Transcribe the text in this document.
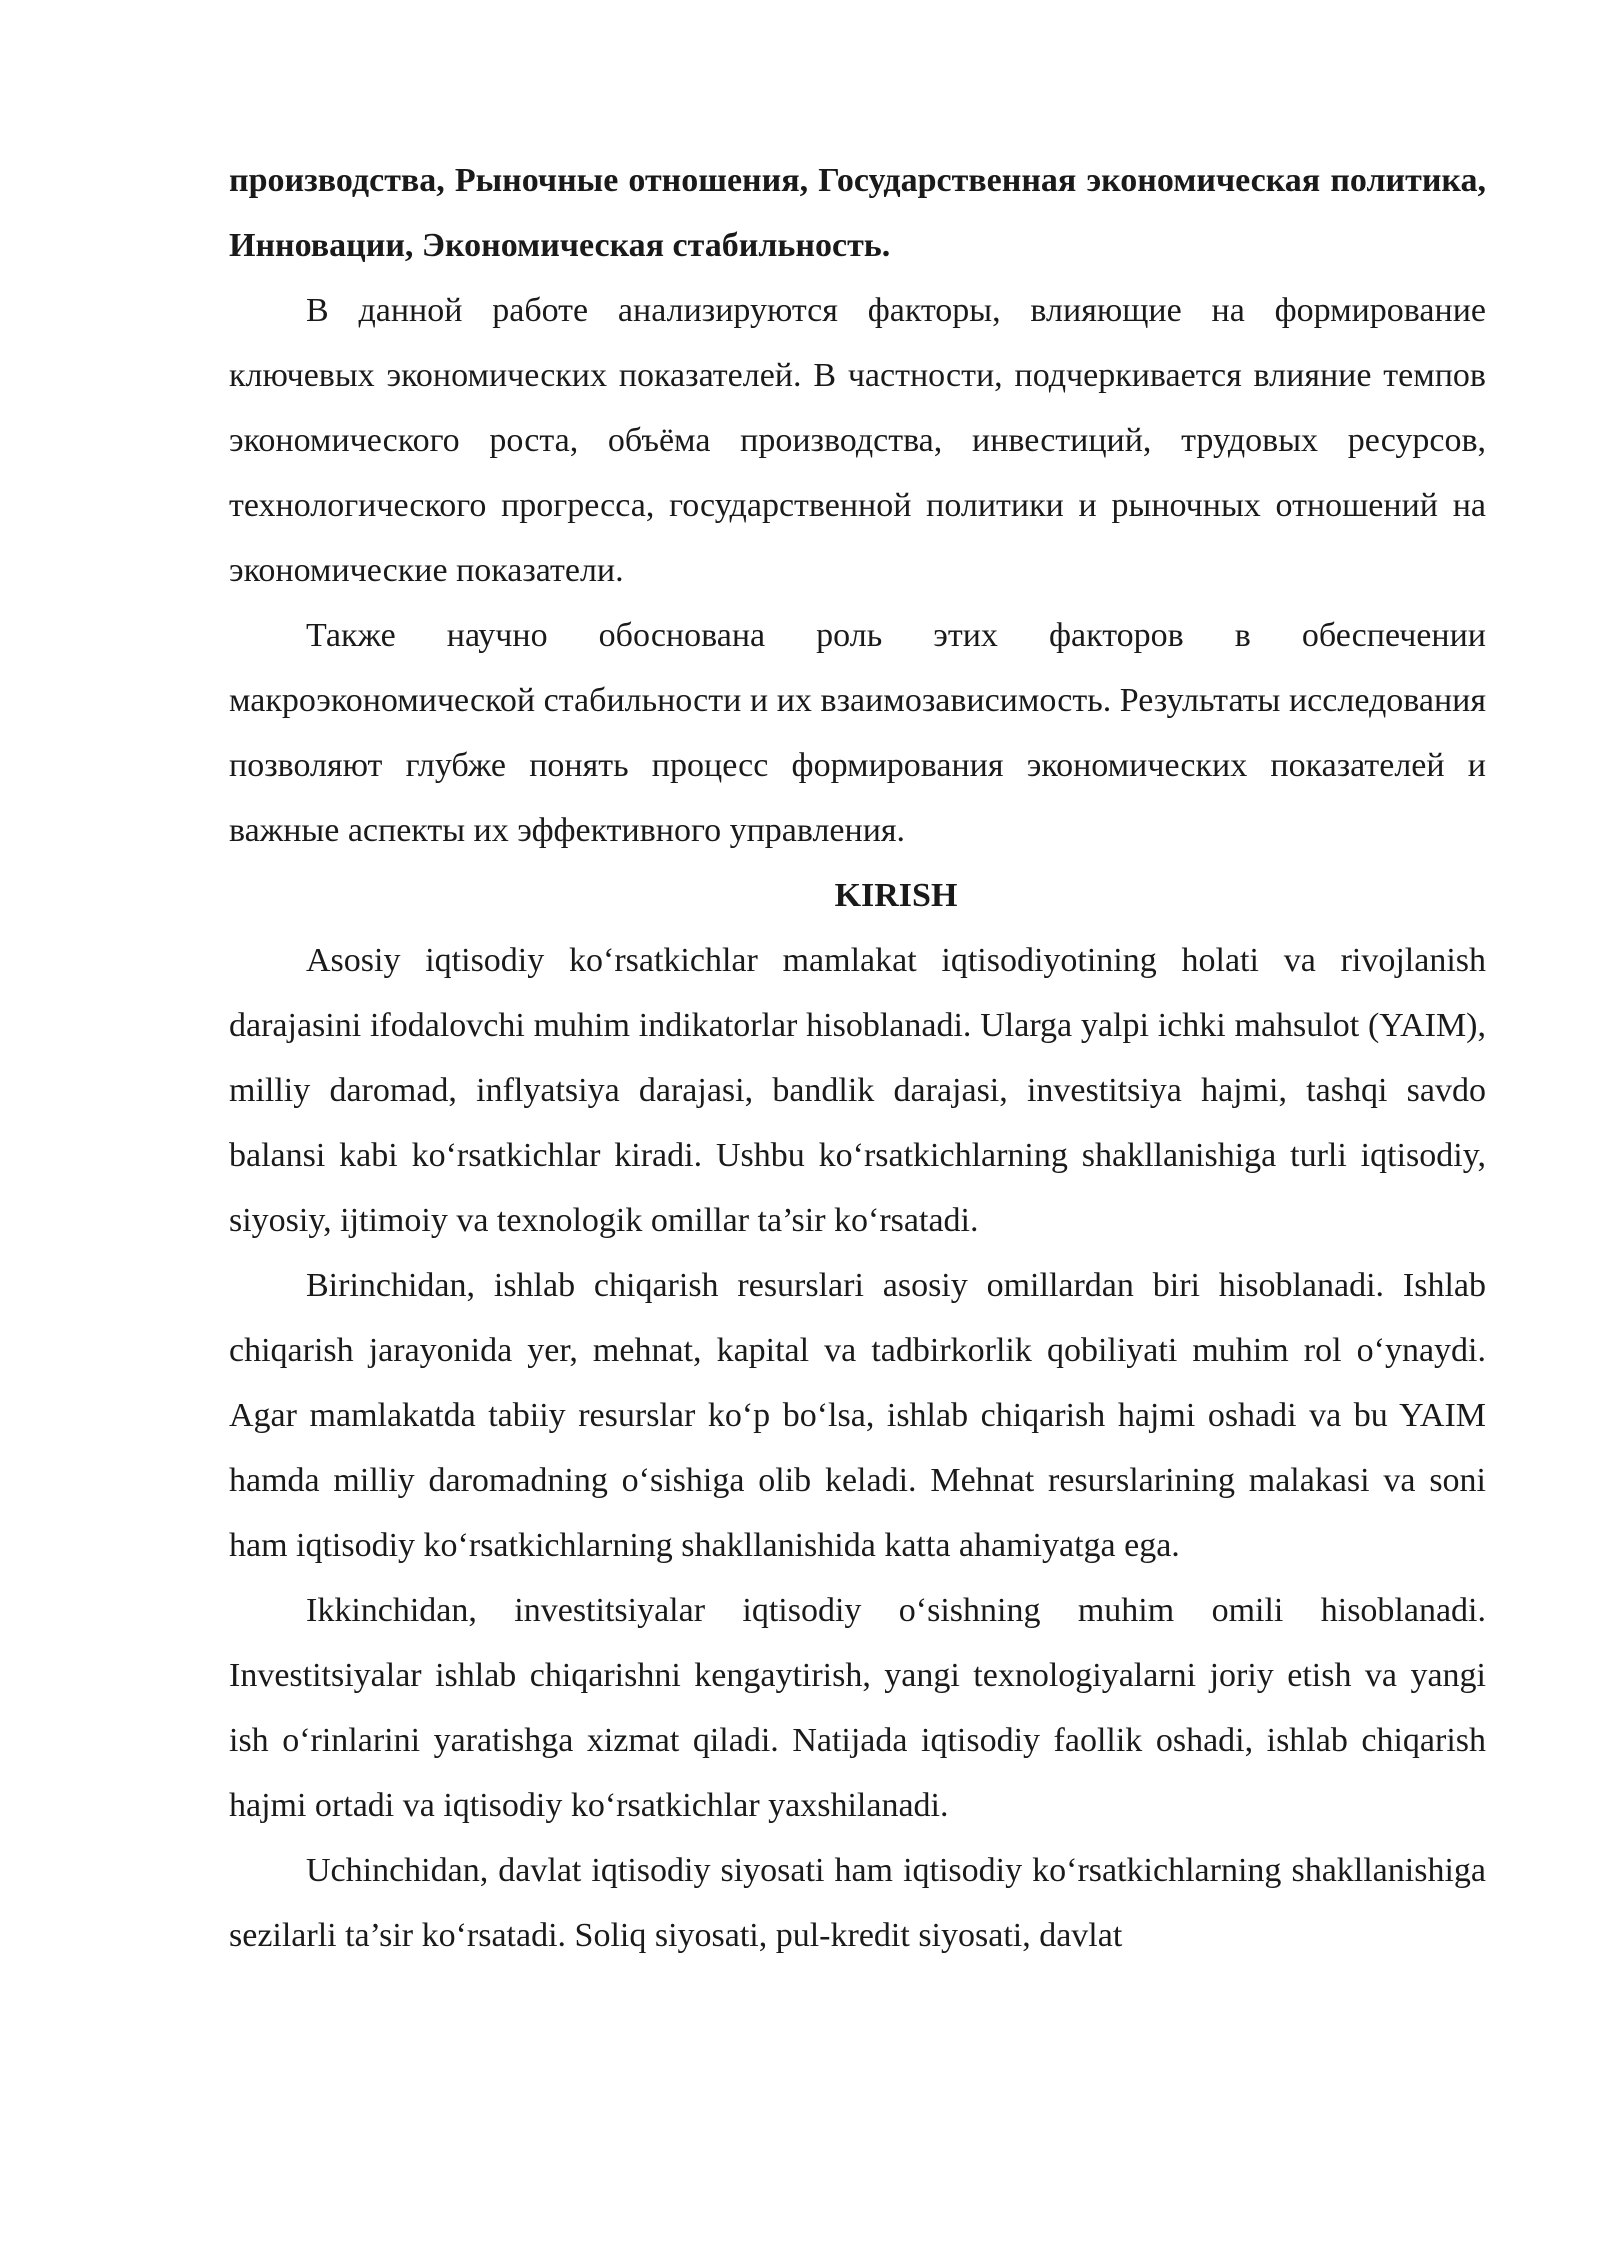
производства, Рыночные отношения, Государственная экономическая политика, Инновации, Экономическая стабильность.

В данной работе анализируются факторы, влияющие на формирование ключевых экономических показателей. В частности, подчеркивается влияние темпов экономического роста, объёма производства, инвестиций, трудовых ресурсов, технологического прогресса, государственной политики и рыночных отношений на экономические показатели.

Также научно обоснована роль этих факторов в обеспечении макроэкономической стабильности и их взаимозависимость. Результаты исследования позволяют глубже понять процесс формирования экономических показателей и важные аспекты их эффективного управления.

KIRISH

Asosiy iqtisodiy ko‘rsatkichlar mamlakat iqtisodiyotining holati va rivojlanish darajasini ifodalovchi muhim indikatorlar hisoblanadi. Ularga yalpi ichki mahsulot (YAIM), milliy daromad, inflyatsiya darajasi, bandlik darajasi, investitsiya hajmi, tashqi savdo balansi kabi ko‘rsatkichlar kiradi. Ushbu ko‘rsatkichlarning shakllanishiga turli iqtisodiy, siyosiy, ijtimoiy va texnologik omillar ta’sir ko‘rsatadi.

Birinchidan, ishlab chiqarish resurslari asosiy omillardan biri hisoblanadi. Ishlab chiqarish jarayonida yer, mehnat, kapital va tadbirkorlik qobiliyati muhim rol o‘ynaydi. Agar mamlakatda tabiiy resurslar ko‘p bo‘lsa, ishlab chiqarish hajmi oshadi va bu YAIM hamda milliy daromadning o‘sishiga olib keladi. Mehnat resurslarining malakasi va soni ham iqtisodiy ko‘rsatkichlarning shakllanishida katta ahamiyatga ega.

Ikkinchidan, investitsiyalar iqtisodiy o‘sishning muhim omili hisoblanadi. Investitsiyalar ishlab chiqarishni kengaytirish, yangi texnologiyalarni joriy etish va yangi ish o‘rinlarini yaratishga xizmat qiladi. Natijada iqtisodiy faollik oshadi, ishlab chiqarish hajmi ortadi va iqtisodiy ko‘rsatkichlar yaxshilanadi.

Uchinchidan, davlat iqtisodiy siyosati ham iqtisodiy ko‘rsatkichlarning shakllanishiga sezilarli ta’sir ko‘rsatadi. Soliq siyosati, pul-kredit siyosati, davlat
